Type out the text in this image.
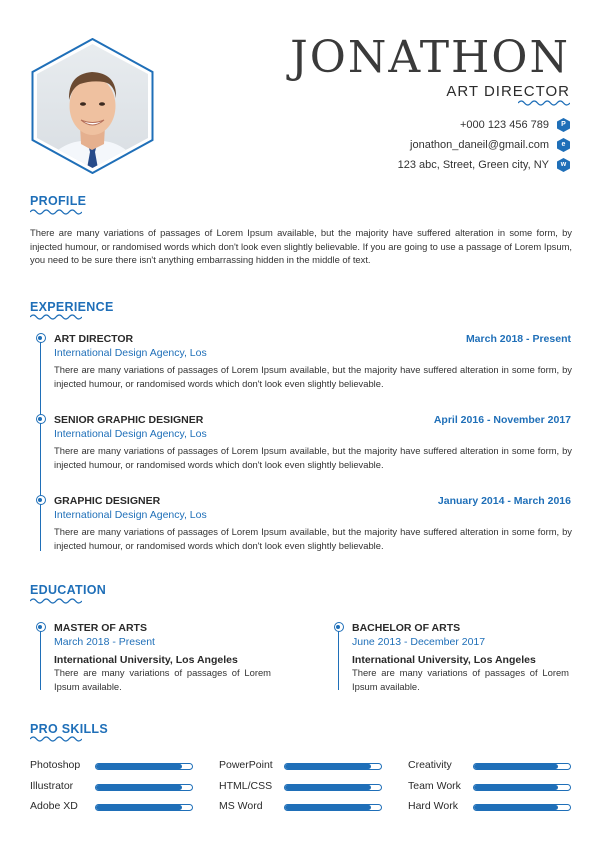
JONATHON
ART DIRECTOR
+000 123 456 789	P
jonathon_daneil@gmail.com	e
123 abc, Street, Green city, NY	w
PROFILE
There are many variations of passages of Lorem Ipsum available, but the majority have suffered alteration in some form, by injected humour, or randomised words which don't look even slightly believable. If you are going to use a passage of Lorem Ipsum, you need to be sure there isn't anything embarrassing hidden in the middle of text.
EXPERIENCE
ART DIRECTOR	March 2018 - Present
International Design Agency, Los
There are many variations of passages of Lorem Ipsum available, but the majority have suffered alteration in some form, by injected humour, or randomised words which don't look even slightly believable.
SENIOR GRAPHIC DESIGNER	April 2016 - November 2017
International Design Agency, Los
There are many variations of passages of Lorem Ipsum available, but the majority have suffered alteration in some form, by injected humour, or randomised words which don't look even slightly believable.
GRAPHIC DESIGNER	January 2014 - March 2016
International Design Agency, Los
There are many variations of passages of Lorem Ipsum available, but the majority have suffered alteration in some form, by injected humour, or randomised words which don't look even slightly believable.
EDUCATION
MASTER OF ARTS
March 2018 - Present
International University, Los Angeles
There are many variations of passages of Lorem Ipsum available.
BACHELOR OF ARTS
June 2013 - December 2017
International University, Los Angeles
There are many variations of passages of Lorem Ipsum available.
PRO SKILLS
Photoshop
Illustrator
Adobe XD
PowerPoint
HTML/CSS
MS Word
Creativity
Team Work
Hard Work
